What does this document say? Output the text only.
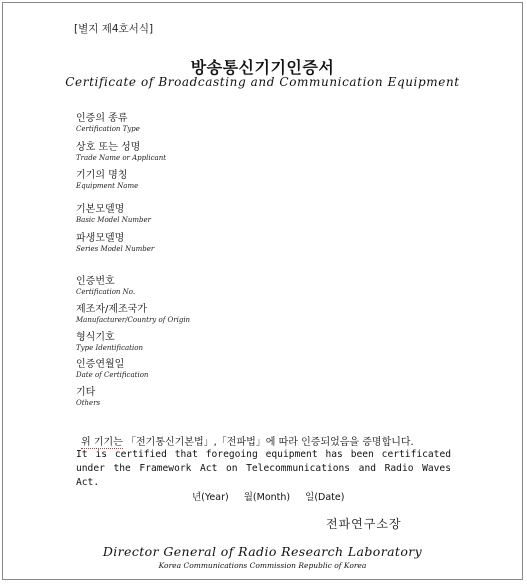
[별지 제4호서식]
방송통신기기인증서
Certificate of Broadcasting and Communication Equipment
인증의 종류
Certification Type
상호 또는 성명
Trade Name or Applicant
기기의 명칭
Equipment Name
기본모델명
Basic Model Number
파생모델명
Series Model Number
인증번호
Certification No.
제조자/제조국가
Manufacturer/Country of Origin
형식기호
Type Identification
인증연월일
Date of Certification
기타
Others
위 기기는 「전기통신기본법」,「전파법」에 따라 인증되었음을 증명합니다.
It is certified that foregoing equipment has been certificated under the Framework Act on Telecommunications and Radio Waves Act.
년(Year) 월(Month) 일(Date)
전파연구소장
Director General of Radio Research Laboratory
Korea Communications Commission Republic of Korea
